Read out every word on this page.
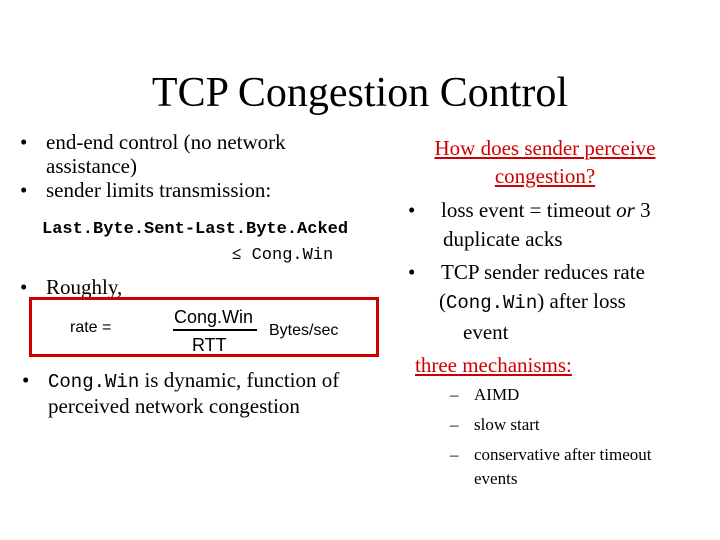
TCP Congestion Control
• end-end control (no network
assistance)
• sender limits transmission:
Last.Byte.Sent-Last.Byte.Acked
≤ Cong.Win
• Roughly,
rate =
Cong.Win
RTT
Bytes/sec
• Cong.Win is dynamic, function of
perceived network congestion
How does sender perceive
congestion?
• loss event = timeout or 3
duplicate acks
• TCP sender reduces rate
(Cong.Win) after loss
event
three mechanisms:
– AIMD
– slow start
– conservative after timeout
events
